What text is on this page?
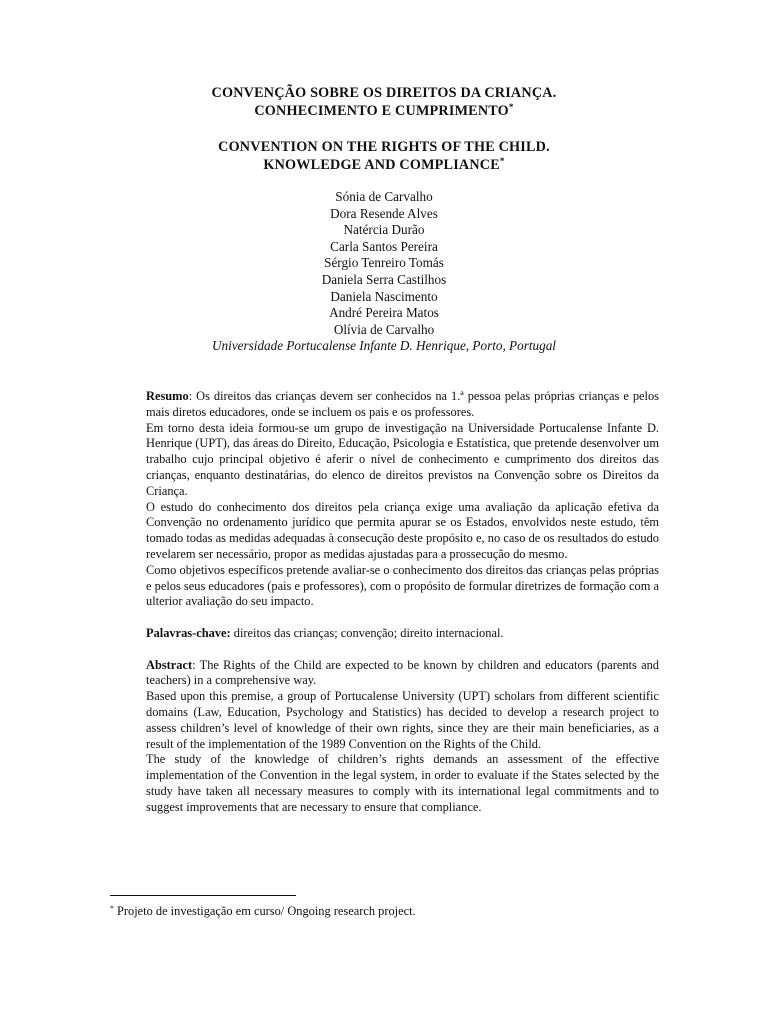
CONVENÇÃO SOBRE OS DIREITOS DA CRIANÇA.

CONHECIMENTO E CUMPRIMENTO*

CONVENTION ON THE RIGHTS OF THE CHILD.

KNOWLEDGE AND COMPLIANCE*

Sónia de Carvalho

Dora Resende Alves

Natércia Durão

Carla Santos Pereira

Sérgio Tenreiro Tomás

Daniela Serra Castilhos

Daniela Nascimento

André Pereira Matos

Olívia de Carvalho

Universidade Portucalense Infante D. Henrique, Porto, Portugal

Resumo: Os direitos das crianças devem ser conhecidos na 1.ª pessoa pelas próprias crianças e pelos mais diretos educadores, onde se incluem os pais e os professores.

Em torno desta ideia formou-se um grupo de investigação na Universidade Portucalense Infante D. Henrique (UPT), das áreas do Direito, Educação, Psicologia e Estatística, que pretende desenvolver um trabalho cujo principal objetivo é aferir o nível de conhecimento e cumprimento dos direitos das crianças, enquanto destinatárias, do elenco de direitos previstos na Convenção sobre os Direitos da Criança.

O estudo do conhecimento dos direitos pela criança exige uma avaliação da aplicação efetiva da Convenção no ordenamento jurídico que permita apurar se os Estados, envolvidos neste estudo, têm tomado todas as medidas adequadas à consecução deste propósito e, no caso de os resultados do estudo revelarem ser necessário, propor as medidas ajustadas para a prossecução do mesmo.

Como objetivos específicos pretende avaliar-se o conhecimento dos direitos das crianças pelas próprias e pelos seus educadores (pais e professores), com o propósito de formular diretrizes de formação com a ulterior avaliação do seu impacto.

Palavras-chave: direitos das crianças; convenção; direito internacional.

Abstract: The Rights of the Child are expected to be known by children and educators (parents and teachers) in a comprehensive way.

Based upon this premise, a group of Portucalense University (UPT) scholars from different scientific domains (Law, Education, Psychology and Statistics) has decided to develop a research project to assess children’s level of knowledge of their own rights, since they are their main beneficiaries, as a result of the implementation of the 1989 Convention on the Rights of the Child.

The study of the knowledge of children’s rights demands an assessment of the effective implementation of the Convention in the legal system, in order to evaluate if the States selected by the study have taken all necessary measures to comply with its international legal commitments and to suggest improvements that are necessary to ensure that compliance.

* Projeto de investigação em curso/ Ongoing research project.
